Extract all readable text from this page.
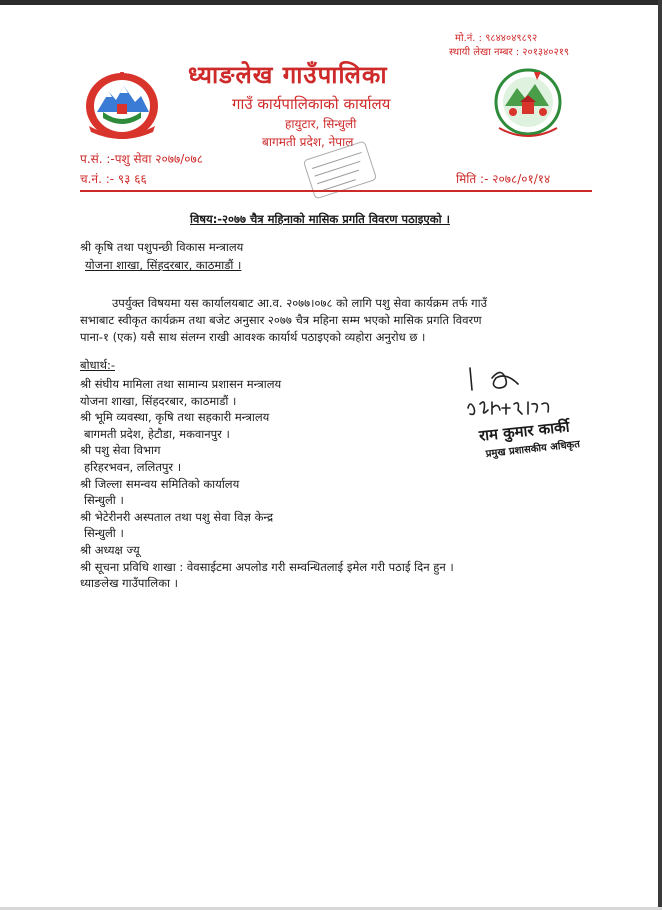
मो.नं. : ९८४४०४९८९२
स्थायी लेखा नम्बर : २०१३४०२१९
ध्याङलेख गाउँपालिका
गाउँ कार्यपालिकाको कार्यालय
हायुटार, सिन्धुली
बागमती प्रदेश, नेपाल
प.सं. :-पशु सेवा २०७७/०७८
च.नं. :- ९३ ६६	मिति :- २०७८/०१/१४
विषय:-२०७७ चैत्र महिनाको मासिक प्रगति विवरण पठाइएको ।
श्री कृषि तथा पशुपन्छी विकास मन्त्रालय
योजना शाखा, सिंहदरबार, काठमाडौं ।
उपर्युक्त विषयमा यस कार्यालयबाट आ.व. २०७७।०७८ को लागि पशु सेवा कार्यक्रम तर्फ गाउँ
सभाबाट स्वीकृत कार्यक्रम तथा बजेट अनुसार २०७७ चैत्र महिना सम्म भएको मासिक प्रगति विवरण
पाना-१ (एक) यसै साथ संलग्न राखी आवश्क कार्यार्थ पठाइएको व्यहोरा अनुरोध छ ।
बोधार्थ:-
श्री संघीय मामिला तथा सामान्य प्रशासन मन्त्रालय
योजना शाखा, सिंहदरबार, काठमाडौं ।
श्री भूमि व्यवस्था, कृषि तथा सहकारी मन्त्रालय
बागमती प्रदेश, हेटौडा, मकवानपुर ।
श्री पशु सेवा विभाग
हरिहरभवन, ललितपुर ।
श्री जिल्ला समन्वय समितिको कार्यालय
सिन्धुली ।
श्री भेटेरीनरी अस्पताल तथा पशु सेवा विज्ञ केन्द्र
सिन्धुली ।
श्री अध्यक्ष ज्यू
श्री सूचना प्रविधि शाखा : वेवसाईटमा अपलोड गरी सम्वन्धितलाई इमेल गरी पठाई दिन हुन ।
ध्याङलेख गाउँपालिका ।
राम कुमार कार्की
प्रमुख प्रशासकीय अधिकृत
